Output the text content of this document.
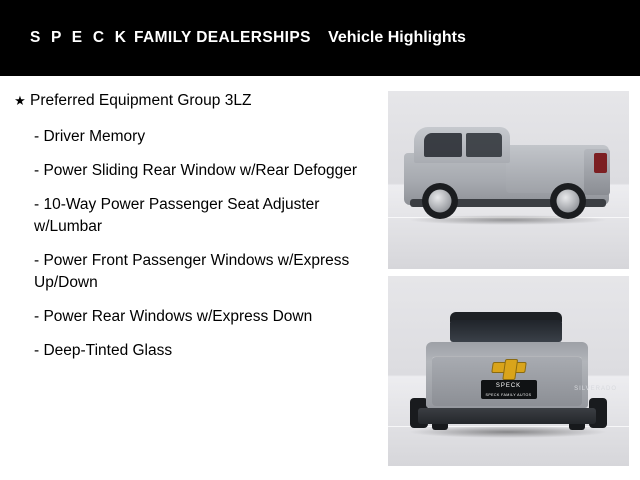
S P E C K FAMILY DEALERSHIPS	Vehicle Highlights
★ Preferred Equipment Group 3LZ
- Driver Memory
- Power Sliding Rear Window w/Rear Defogger
- 10-Way Power Passenger Seat Adjuster w/Lumbar
- Power Front Passenger Windows w/Express Up/Down
- Power Rear Windows w/Express Down
- Deep-Tinted Glass
SPECK
SPECK FAMILY AUTOS
SILVERADO
